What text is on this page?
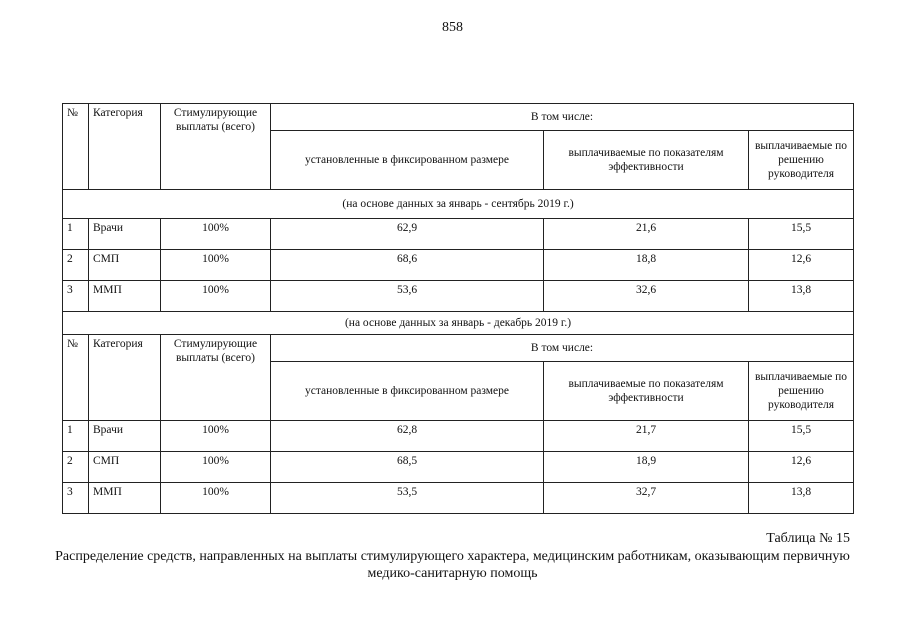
858
№	Категория	Стимулирующие выплаты (всего)	В том числе:		
			установленные в фиксированном размере	выплачиваемые по показателям эффективности	выплачиваемые по решению руководителя
(на основе данных за январь - сентябрь 2019 г.)					
1	Врачи	100%	62,9	21,6	15,5
2	СМП	100%	68,6	18,8	12,6
3	ММП	100%	53,6	32,6	13,8
(на основе данных за январь - декабрь 2019 г.)					
№	Категория	Стимулирующие выплаты (всего)	В том числе:		
			установленные в фиксированном размере	выплачиваемые по показателям эффективности	выплачиваемые по решению руководителя
1	Врачи	100%	62,8	21,7	15,5
2	СМП	100%	68,5	18,9	12,6
3	ММП	100%	53,5	32,7	13,8
Таблица № 15
Распределение средств, направленных на выплаты стимулирующего характера, медицинским работникам, оказывающим первичную медико-санитарную помощь
